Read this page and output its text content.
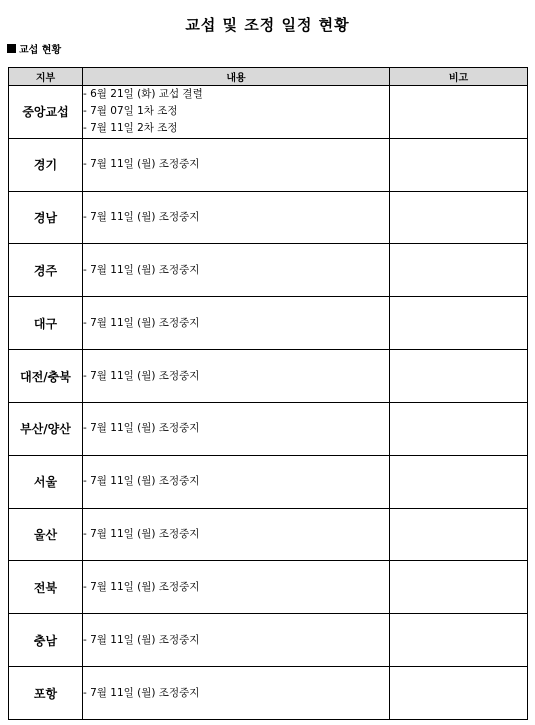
교섭 및 조정 일정 현황
교섭 현황
지부	내용	비고
중앙교섭	- 6월 21일 (화) 교섭 결렬
- 7월 07일 1차 조정
- 7월 11일 2차 조정	

경기	- 7월 11일 (월) 조정중지	

경남	- 7월 11일 (월) 조정중지	

경주	- 7월 11일 (월) 조정중지	

대구	- 7월 11일 (월) 조정중지	

대전/충북	- 7월 11일 (월) 조정중지	

부산/양산	- 7월 11일 (월) 조정중지	

서울	- 7월 11일 (월) 조정중지	

울산	- 7월 11일 (월) 조정중지	

전북	- 7월 11일 (월) 조정중지	

충남	- 7월 11일 (월) 조정중지	

포항	- 7월 11일 (월) 조정중지	
